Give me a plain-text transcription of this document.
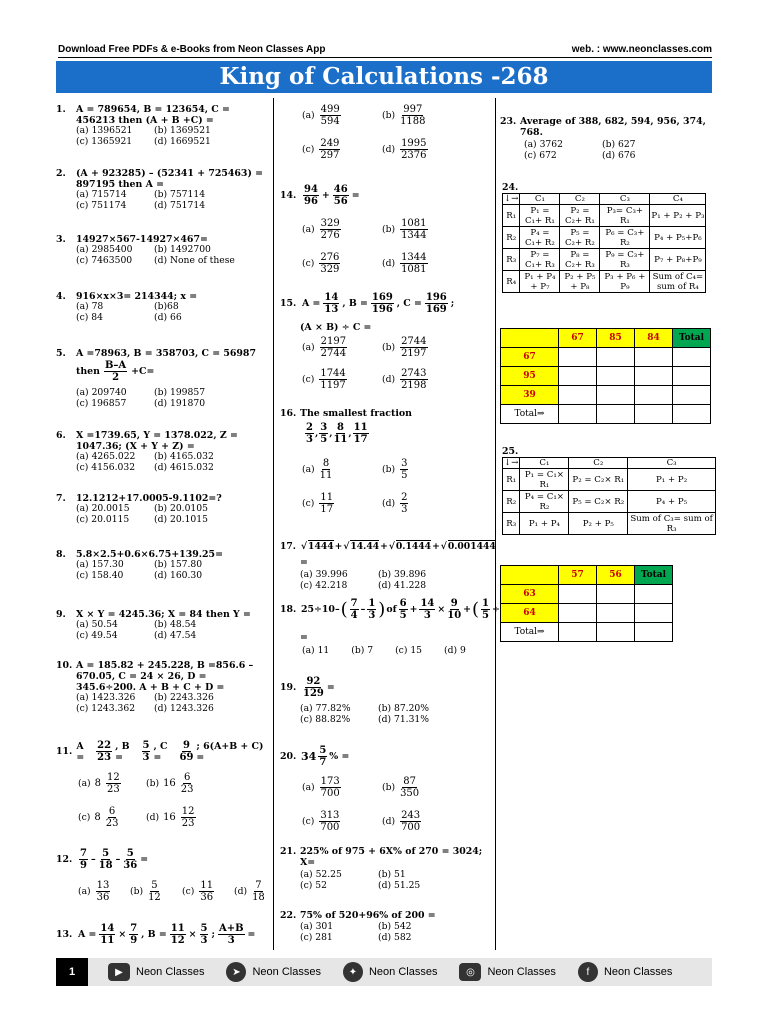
Download Free PDFs & e-Books from Neon Classes App	web. : www.neonclasses.com
King of Calculations -268
1. A = 789654, B = 123654, C = 456213 then (A + B +C) =
(a) 1396521	(b) 1369521
(c) 1365921	(d) 1669521
2. (A + 923285) – (52341 + 725463) = 897195 then A =
(a) 715714	(b) 757114
(c) 751174	(d) 751714
3. 14927×567-14927×467=
(a) 2985400	(b) 1492700
(c) 7463500	(d) None of these
4. 916×x×3= 214344; x =
(a) 78	(b)68
(c) 84	(d) 66
5. A =78963, B = 358703, C = 56987
then $\frac{B-A}{2} +C=$
(a) 209740	(b) 199857
(c) 196857	(d) 191870
6. X =1739.65, Y = 1378.022, Z = 1047.36; (X + Y + Z) =
(a) 4265.022	(b) 4165.032
(c) 4156.032	(d) 4615.032
7. 12.1212+17.0005-9.1102=?
(a) 20.0015	(b) 20.0105
(c) 20.0115	(d) 20.1015
8. 5.8×2.5+0.6×6.75+139.25=
(a) 157.30	(b) 157.80
(c) 158.40	(d) 160.30
9. X × Y = 4245.36; X = 84 then Y =
(a) 50.54	(b) 48.54
(c) 49.54	(d) 47.54
10. A = 185.82 + 245.228, B =856.6 – 670.05, C = 24 × 26, D = 345.6÷200. A + B + C + D =
(a) 1423.326	(b) 2243.326
(c) 1243.362	(d) 1243.326
11. A =	$\frac{22}{23}$ , B =	$\frac{5}{3}$ , C =	$\frac{9}{69}$ ; 6(A+B + C) =
(a) $8 \frac{12}{23}$	(b) $16 \frac{6}{23}$
(c) $8 \frac{6}{23}$	(d) $16 \frac{12}{23}$
12. $\frac{7}{9} - \frac{5}{18} - \frac{5}{36}$ =
$(a) \frac{13}{36} (b) \frac{5}{12} (c) \frac{11}{36} (d) \frac{7}{18}$
13. $A = \frac{14}{11} \times \frac{7}{9}$ , $B = \frac{11}{12} \times \frac{5}{3}$ ; $\frac{A+B}{3}$ =
$(a) \frac{499}{594}$	$(b) \frac{997}{1188}$
$(c) \frac{249}{297}$	$(d) \frac{1995}{2376}$
14. $\frac{94}{96} + \frac{46}{56}$ =
$(a) \frac{329}{276}$	$(b) \frac{1081}{1344}$
$(c) \frac{276}{329}$	$(d) \frac{1344}{1081}$
15. $A = \frac{14}{13}$ , $B = \frac{169}{196}$ , $C = \frac{196}{169}$ ;
(A × B) ÷ C =
$(a) \frac{2197}{2744}$	$(b) \frac{2744}{2197}$
$(c) \frac{1744}{1197}$	$(d) \frac{2743}{2198}$
16. The smallest fraction
$\frac{2}{3}$ , $\frac{3}{5}$ , $\frac{8}{11}$ , $\frac{11}{17}$
$(a) \frac{8}{11}$	$(b) \frac{3}{5}$
$(c) \frac{11}{17}$	$(d) \frac{2}{3}$
17. √ 1444 + √ 14.44 + √ 0.1444 + √ 0.001444
=
(a) 39.996	(b) 39.896
(c) 42.218	(d) 41.228
18. 25÷10– ( $\frac{7}{4} - \frac{1}{3}$ ) of $\frac{6}{5} + \frac{14}{3} \times \frac{9}{10}$ + ( $\frac{1}{5}$ ÷
=
(a) 11 (b) 7 (c) 15 (d) 9
19. $\frac{92}{129}$ =
(a) 77.82%	(b) 87.20%
(c) 88.82%	(d) 71.31%
20. $34 \frac{5}{7}$ % =
$(a) \frac{173}{700}$	$(b) \frac{87}{350}$
$(c) \frac{313}{700}$	$(d) \frac{243}{700}$
21. 225% of 975 + 6X% of 270 = 3024; X=
(a) 52.25	(b) 51
(c) 52	(d) 51.25
22. 75% of 520+96% of 200 =
(a) 301	(b) 542
(c) 281	(d) 582
23. Average of 388, 682, 594, 956, 374, 768.
(a) 3762	(b) 627
(c) 672	(d) 676
24.
↓→	C₁	C₂	C₃	C₄
R₁	P₁ = C₁+ R₁	P₂ = C₂+ R₁	P₃= C₃+ R₁	P₁ + P₂ + P₃
R₂	P₄ = C₁+ R₂	P₅ = C₂+ R₂	P₆ = C₃+ R₂	P₄ + P₅+P₆
R₃	P₇ = C₁+ R₃	P₈ = C₂+ R₃	P₉ = C₃+ R₃	P₇ + P₈+P₉
R₄	P₁ + P₄ + P₇	P₂ + P₅ + P₈	P₃ + P₆ + P₉	Sum of C₄= sum of R₄
	67	85	84	Total
67				
95				
39				
Total⇒				
25.
↓→	C₁	C₂	C₃
R₁	P₁ = C₁× R₁	P₂ = C₂× R₁	P₁ + P₂
R₂	P₄ = C₁× R₂	P₅ = C₂× R₂	P₄ + P₅
R₃	P₁ + P₄	P₂ + P₅	Sum of C₃= sum of R₃
	57	56	Total
63			
64			
Total⇒			
1	▶	Neon Classes	➤	Neon Classes	✦	Neon Classes	◎	Neon Classes	f	Neon Classes
